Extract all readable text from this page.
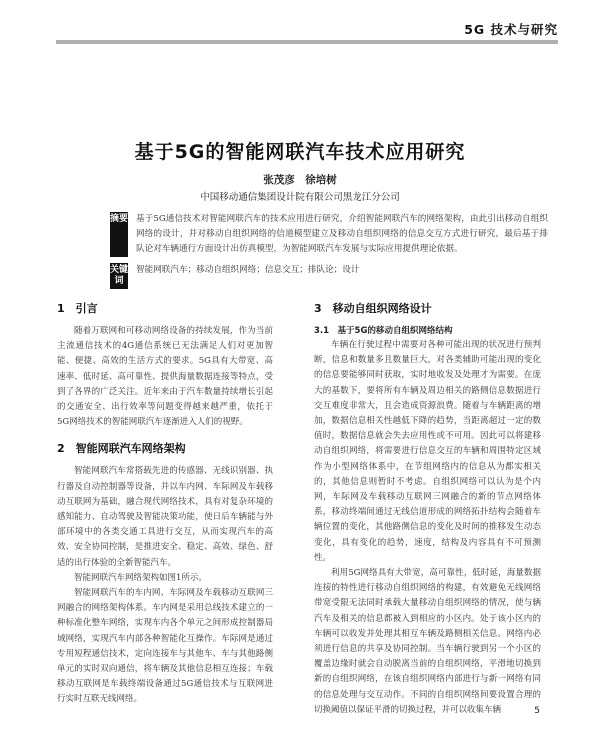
5G 技术与研究
基于5G的智能网联汽车技术应用研究
张茂彦　徐培树
中国移动通信集团设计院有限公司黑龙江分公司
摘要 基于5G通信技术对智能网联汽车的技术应用进行研究，介绍智能网联汽车的网络架构，由此引出移动自组织网络的设计，并对移动自组织网络的信道模型建立及移动自组织网络的信息交互方式进行研究，最后基于排队论对车辆通行方面设计出仿真模型，为智能网联汽车发展与实际应用提供理论依据。
关键词
智能网联汽车；移动自组织网络；信息交互；排队论；设计
1　引言

随着万联网和可移动网络设备的持续发展，作为当前主流通信技术的4G通信系统已无法满足人们对更加智能、便捷、高效的生活方式的要求。5G具有大带宽、高速率、低时延、高可靠性、提供海量数据连接等特点，受到了各界的广泛关注。近年来由于汽车数量持续增长引起的交通安全、出行效率等问题变得越来越严重，依托于5G网络技术的智能网联汽车逐渐进入人们的视野。

2　智能网联汽车网络架构

智能网联汽车常搭载先进的传感器、无线识别器、执行器及自动控制器等设备，并以车内网、车际网及车载移动互联网为基础，融合现代网络技术，具有对复杂环境的感知能力、自动驾驶及智能决策功能，使日后车辆能与外部环境中的各类交通工具进行交互，从而实现汽车的高效、安全协同控制，是推进安全、稳定、高效、绿色、舒适的出行体验的全新智能汽车。

智能网联汽车网络架构如图1所示。

智能网联汽车的车内网、车际网及车载移动互联网三网融合的网络架构体系。车内网是采用总线技术建立的一种标准化整车网络，实现车内各个单元之间形成控制器局域网络，实现汽车内部各种智能化互操作。车际网是通过专用短程通信技术，定向连接车与其他车、车与其他路侧单元的实时双向通信，将车辆及其他信息相互连接；车载移动互联网是车载终端设备通过5G通信技术与互联网进行实时互联无线网络。

3　移动自组织网络设计
3.1　基于5G的移动自组织网络结构

车辆在行驶过程中需要对各种可能出现的状况进行预判断，信息和数量多且数量巨大，对各类辅助可能出现的变化的信息要能够同时获取，实时地收发及处理才为需要。在庞大的基数下，要将所有车辆及周边相关的路侧信息数据进行交互难度非常大，且会造成资源浪费。随着与车辆距离的增加，数据信息相关性越低下降的趋势，当距离超过一定的数值时，数据信息就会失去应用性或不可用。因此可以将建移动自组织网络，将需要进行信息交互的车辆和周围特定区域作为小型网络体系中，在节组网络内的信息从为都实相关的，其他信息则暂时不考虑。自组织网络可以认为是个内网，车际网及车载移动互联网三网融合的新的节点网络体系，移动终端间通过无线信道形成的网络拓扑结构会随着车辆位置的变化，其他路侧信息的变化及时间的推移发生动态变化，具有变化的趋势，速度，结构及内容具有不可预测性。

利用5G网络具有大带宽，高可靠性，低时延，海量数据连接的特性进行移动自组织网络的构建，有效避免无线网络带宽受限无法同时承载大量移动自组织网络的情况，使与辆汽车及相关的信息都被入到相应的小区内。处于该小区内的车辆可以收发并处理其相互车辆及路侧相关信息。网络内必须进行信息的共享及协同控制。当车辆行驶到另一个小区的覆盖边缘时就会自动脱离当前的自组织网络，平滑地切换到新的自组织网络，在该自组织网络内部进行与新一网络有同的信息处理与交互动作。不同的自组织网络间要设置合理的切换阈值以保证平滑的切换过程，并可以收集车辆	5
